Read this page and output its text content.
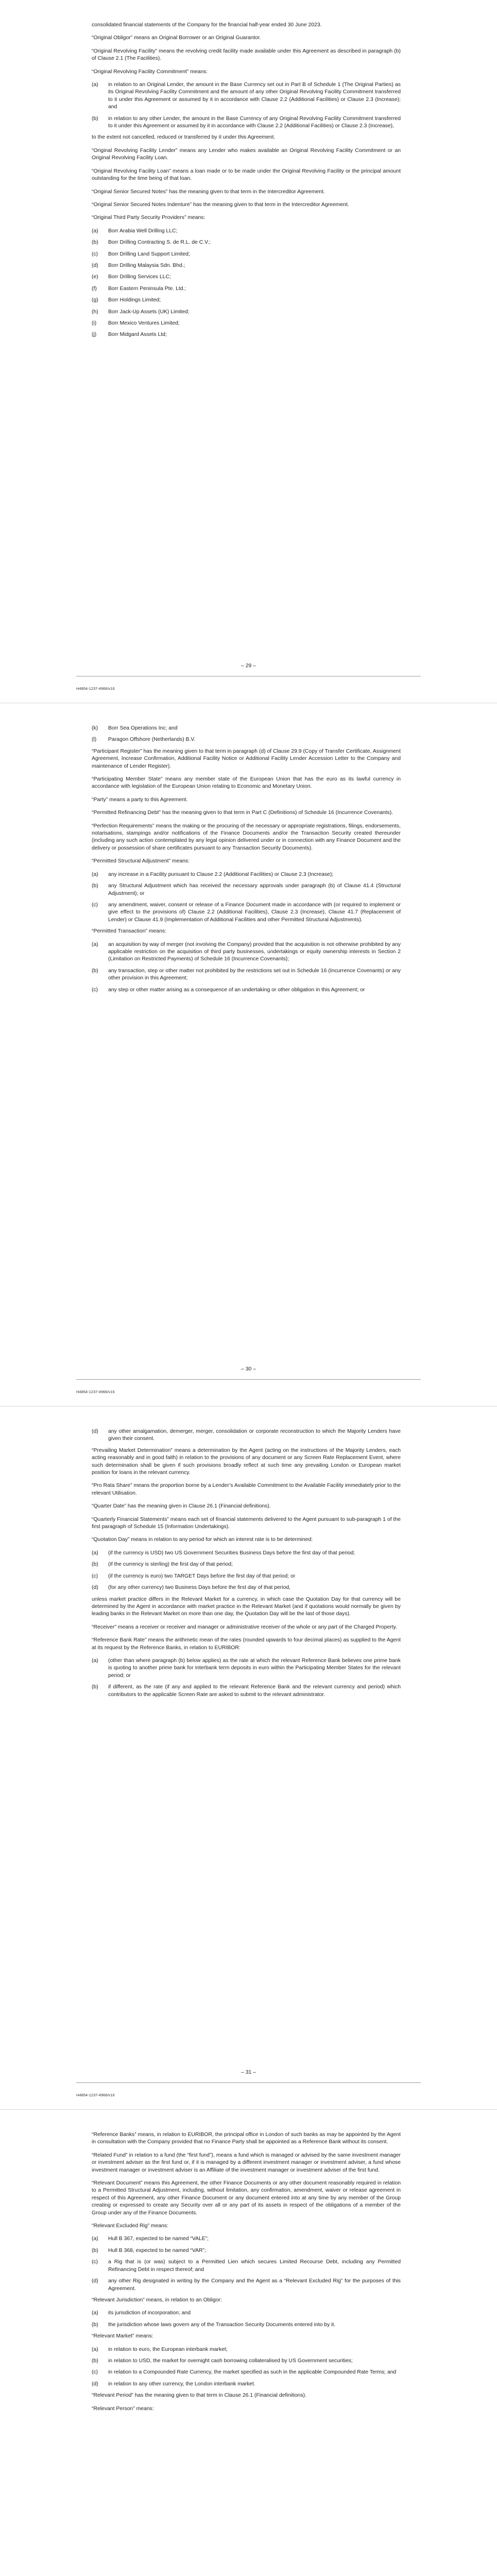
consolidated financial statements of the Company for the financial half-year ended 30 June 2023.

“Original Obligor” means an Original Borrower or an Original Guarantor.

“Original Revolving Facility” means the revolving credit facility made available under this Agreement as described in paragraph (b) of Clause 2.1 (The Facilities).

“Original Revolving Facility Commitment” means:

(a)	in relation to an Original Lender, the amount in the Base Currency set out in Part B of Schedule 1 (The Original Parties) as its Original Revolving Facility Commitment and the amount of any other Original Revolving Facility Commitment transferred to it under this Agreement or assumed by it in accordance with Clause 2.2 (Additional Facilities) or Clause 2.3 (Increase); and
(b)	in relation to any other Lender, the amount in the Base Currency of any Original Revolving Facility Commitment transferred to it under this Agreement or assumed by it in accordance with Clause 2.2 (Additional Facilities) or Clause 2.3 (Increase),

to the extent not cancelled, reduced or transferred by it under this Agreement.

“Original Revolving Facility Lender” means any Lender who makes available an Original Revolving Facility Commitment or an Original Revolving Facility Loan.

“Original Revolving Facility Loan” means a loan made or to be made under the Original Revolving Facility or the principal amount outstanding for the time being of that loan.

“Original Senior Secured Notes” has the meaning given to that term in the Intercreditor Agreement.

“Original Senior Secured Notes Indenture” has the meaning given to that term in the Intercreditor Agreement.

“Original Third Party Security Providers” means:

(a)	Borr Arabia Well Drilling LLC;
(b)	Borr Drilling Contracting S. de R.L. de C.V.;
(c)	Borr Drilling Land Support Limited;
(d)	Borr Drilling Malaysia Sdn. Bhd.;
(e)	Borr Drilling Services LLC;
(f)	Borr Eastern Peninsula Pte. Ltd.;
(g)	Borr Holdings Limited;
(h)	Borr Jack-Up Assets (UK) Limited;
(i)	Borr Mexico Ventures Limited;
(j)	Borr Midgard Assets Ltd;
– 29 –
H4854-1237-4966/v16
(k)	Borr Sea Operations Inc; and
(l)	Paragon Offshore (Netherlands) B.V.

“Participant Register” has the meaning given to that term in paragraph (d) of Clause 29.9 (Copy of Transfer Certificate, Assignment Agreement, Increase Confirmation, Additional Facility Notice or Additional Facility Lender Accession Letter to the Company and maintenance of Lender Register).

“Participating Member State” means any member state of the European Union that has the euro as its lawful currency in accordance with legislation of the European Union relating to Economic and Monetary Union.

“Party” means a party to this Agreement.

“Permitted Refinancing Debt” has the meaning given to that term in Part C (Definitions) of Schedule 16 (Incurrence Covenants).

“Perfection Requirements” means the making or the procuring of the necessary or appropriate registrations, filings, endorsements, notarisations, stampings and/or notifications of the Finance Documents and/or the Transaction Security created thereunder (including any such action contemplated by any legal opinion delivered under or in connection with any Finance Document and the delivery or possession of share certificates pursuant to any Transaction Security Documents).

“Permitted Structural Adjustment” means:

(a)	any increase in a Facility pursuant to Clause 2.2 (Additional Facilities) or Clause 2.3 (Increase);
(b)	any Structural Adjustment which has received the necessary approvals under paragraph (b) of Clause 41.4 (Structural Adjustment); or
(c)	any amendment, waiver, consent or release of a Finance Document made in accordance with (or required to implement or give effect to the provisions of) Clause 2.2 (Additional Facilities), Clause 2.3 (Increase), Clause 41.7 (Replacement of Lender) or Clause 41.9 (Implementation of Additional Facilities and other Permitted Structural Adjustments).

“Permitted Transaction” means:

(a)	an acquisition by way of merger (not involving the Company) provided that the acquisition is not otherwise prohibited by any applicable restriction on the acquisition of third party businesses, undertakings or equity ownership interests in Section 2 (Limitation on Restricted Payments) of Schedule 16 (Incurrence Covenants);
(b)	any transaction, step or other matter not prohibited by the restrictions set out in Schedule 16 (Incurrence Covenants) or any other provision in this Agreement;
(c)	any step or other matter arising as a consequence of an undertaking or other obligation in this Agreement; or
– 30 –
H4854-1237-4966/v16
(d)	any other amalgamation, demerger, merger, consolidation or corporate reconstruction to which the Majority Lenders have given their consent.

“Prevailing Market Determination” means a determination by the Agent (acting on the instructions of the Majority Lenders, each acting reasonably and in good faith) in relation to the provisions of any document or any Screen Rate Replacement Event, where such determination shall be given if such provisions broadly reflect at such time any prevailing London or European market position for loans in the relevant currency.

“Pro Rata Share” means the proportion borne by a Lender’s Available Commitment to the Available Facility immediately prior to the relevant Utilisation.

“Quarter Date” has the meaning given in Clause 26.1 (Financial definitions).

“Quarterly Financial Statements” means each set of financial statements delivered to the Agent pursuant to sub-paragraph 1 of the first paragraph of Schedule 15 (Information Undertakings).

“Quotation Day” means in relation to any period for which an interest rate is to be determined:

(a)	(if the currency is USD) two US Government Securities Business Days before the first day of that period;
(b)	(if the currency is sterling) the first day of that period;
(c)	(if the currency is euro) two TARGET Days before the first day of that period; or
(d)	(for any other currency) two Business Days before the first day of that period,

unless market practice differs in the Relevant Market for a currency, in which case the Quotation Day for that currency will be determined by the Agent in accordance with market practice in the Relevant Market (and if quotations would normally be given by leading banks in the Relevant Market on more than one day, the Quotation Day will be the last of those days).

“Receiver” means a receiver or receiver and manager or administrative receiver of the whole or any part of the Charged Property.

“Reference Bank Rate” means the arithmetic mean of the rates (rounded upwards to four decimal places) as supplied to the Agent at its request by the Reference Banks, in relation to EURIBOR:

(a)	(other than where paragraph (b) below applies) as the rate at which the relevant Reference Bank believes one prime bank is quoting to another prime bank for interbank term deposits in euro within the Participating Member States for the relevant period; or
(b)	if different, as the rate (if any and applied to the relevant Reference Bank and the relevant currency and period) which contributors to the applicable Screen Rate are asked to submit to the relevant administrator.
– 31 –
H4854-1237-4966/v16

“Reference Banks” means, in relation to EURIBOR, the principal office in London of such banks as may be appointed by the Agent in consultation with the Company provided that no Finance Party shall be appointed as a Reference Bank without its consent.

“Related Fund” in relation to a fund (the “first fund”), means a fund which is managed or advised by the same investment manager or investment adviser as the first fund or, if it is managed by a different investment manager or investment adviser, a fund whose investment manager or investment adviser is an Affiliate of the investment manager or investment adviser of the first fund.

“Relevant Document” means this Agreement, the other Finance Documents or any other document reasonably required in relation to a Permitted Structural Adjustment, including, without limitation, any confirmation, amendment, waiver or release agreement in respect of this Agreement, any other Finance Document or any document entered into at any time by any member of the Group creating or expressed to create any Security over all or any part of its assets in respect of the obligations of a member of the Group under any of the Finance Documents.

“Relevant Excluded Rig” means:

(a)	Hull B 367, expected to be named “VALE”;
(b)	Hull B 368, expected to be named “VAR”;
(c)	a Rig that is (or was) subject to a Permitted Lien which secures Limited Recourse Debt, including any Permitted Refinancing Debt in respect thereof; and
(d)	any other Rig designated in writing by the Company and the Agent as a “Relevant Excluded Rig” for the purposes of this Agreement.

“Relevant Jurisdiction” means, in relation to an Obligor:

(a)	its jurisdiction of incorporation; and
(b)	the jurisdiction whose laws govern any of the Transaction Security Documents entered into by it.

“Relevant Market” means:

(a)	in relation to euro, the European interbank market;
(b)	in relation to USD, the market for overnight cash borrowing collateralised by US Government securities;
(c)	in relation to a Compounded Rate Currency, the market specified as such in the applicable Compounded Rate Terms; and
(d)	in relation to any other currency, the London interbank market.

“Relevant Period” has the meaning given to that term in Clause 26.1 (Financial definitions).

“Relevant Person” means:
